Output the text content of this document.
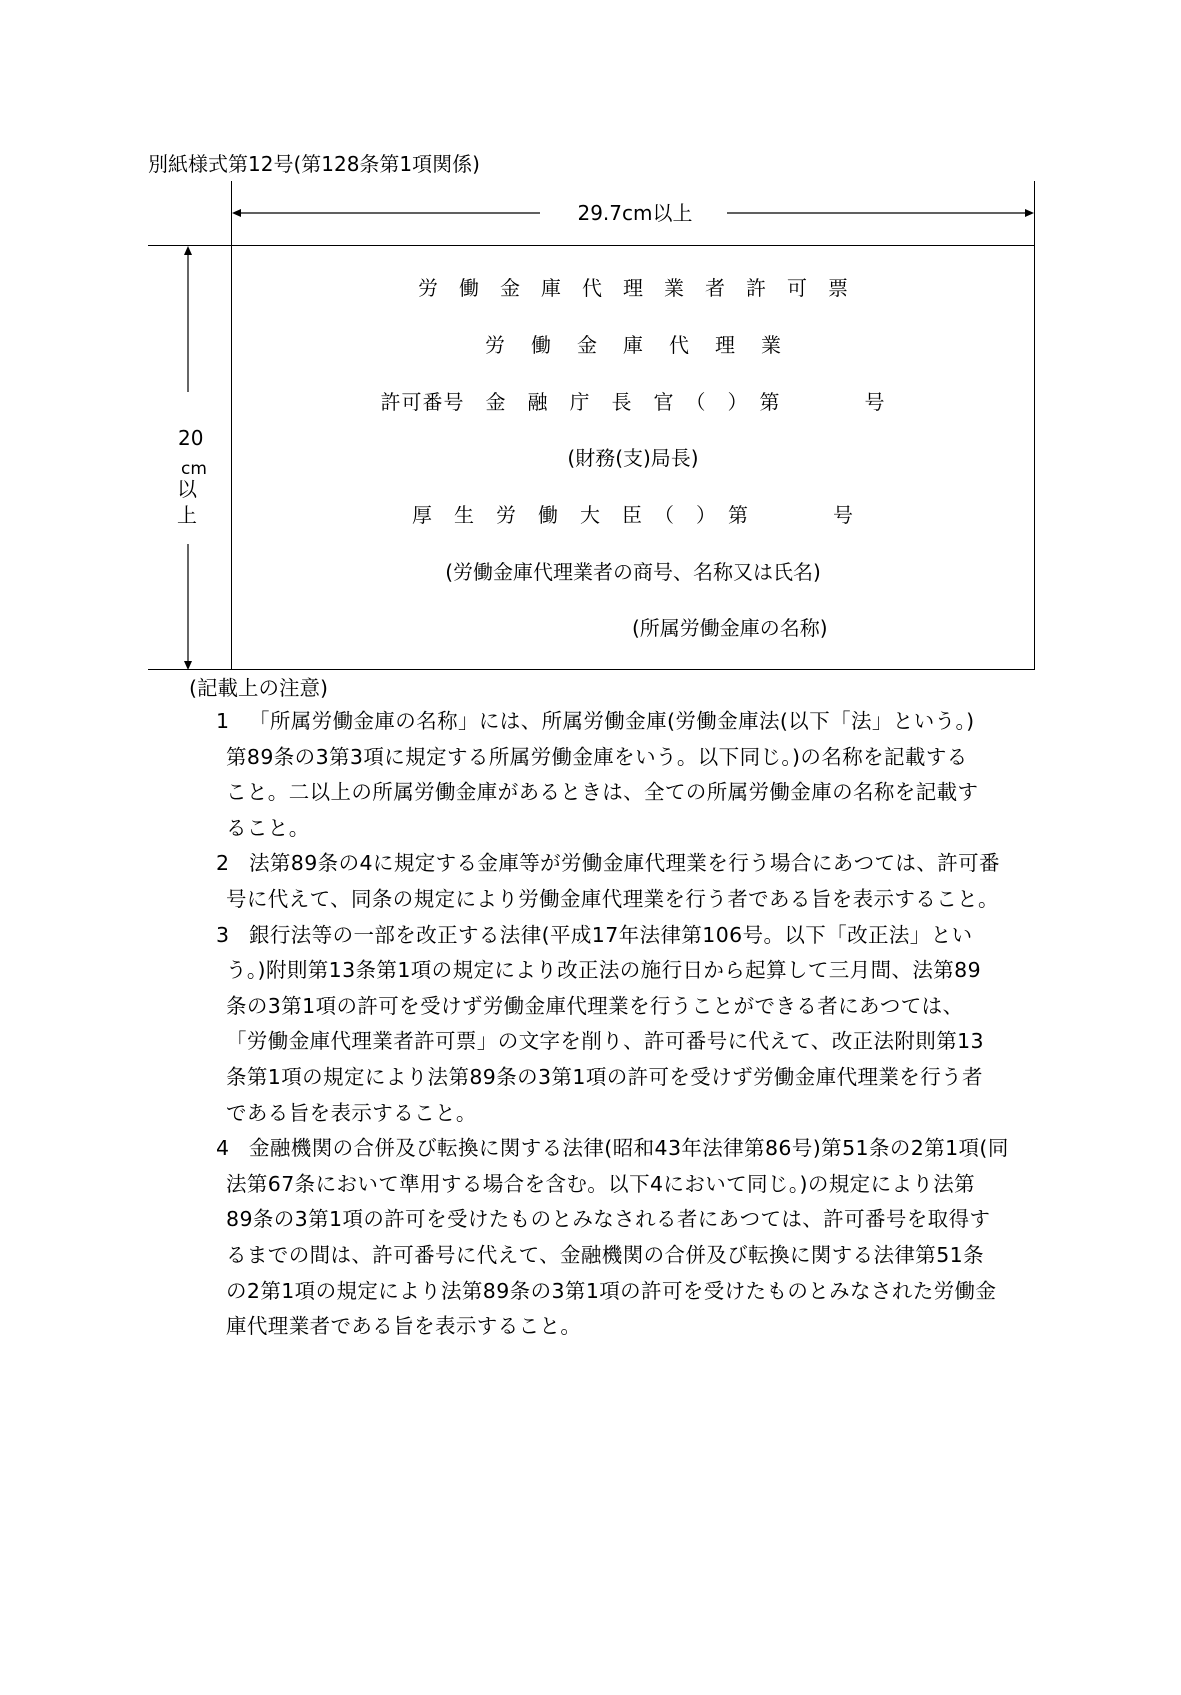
別紙様式第12号(第128条第1項関係)
29.7cm以上
20
cm
以
上
労働金庫代理業者許可票
労働金庫代理業
許可番号　金　融　庁　長　官　（　）　第　　　　号
(財務(支)局長)
厚　生　労　働　大　臣　（　）　第　　　　号
(労働金庫代理業者の商号、名称又は氏名)
(所属労働金庫の名称)
(記載上の注意)
1 「所属労働金庫の名称」には、所属労働金庫(労働金庫法(以下「法」という。)
第89条の3第3項に規定する所属労働金庫をいう。以下同じ。)の名称を記載する
こと。二以上の所属労働金庫があるときは、全ての所属労働金庫の名称を記載す
ること。
2 法第89条の4に規定する金庫等が労働金庫代理業を行う場合にあつては、許可番
号に代えて、同条の規定により労働金庫代理業を行う者である旨を表示すること。
3 銀行法等の一部を改正する法律(平成17年法律第106号。以下「改正法」とい
う。)附則第13条第1項の規定により改正法の施行日から起算して三月間、法第89
条の3第1項の許可を受けず労働金庫代理業を行うことができる者にあつては、
「労働金庫代理業者許可票」の文字を削り、許可番号に代えて、改正法附則第13
条第1項の規定により法第89条の3第1項の許可を受けず労働金庫代理業を行う者
である旨を表示すること。
4 金融機関の合併及び転換に関する法律(昭和43年法律第86号)第51条の2第1項(同
法第67条において準用する場合を含む。以下4において同じ。)の規定により法第
89条の3第1項の許可を受けたものとみなされる者にあつては、許可番号を取得す
るまでの間は、許可番号に代えて、金融機関の合併及び転換に関する法律第51条
の2第1項の規定により法第89条の3第1項の許可を受けたものとみなされた労働金
庫代理業者である旨を表示すること。
